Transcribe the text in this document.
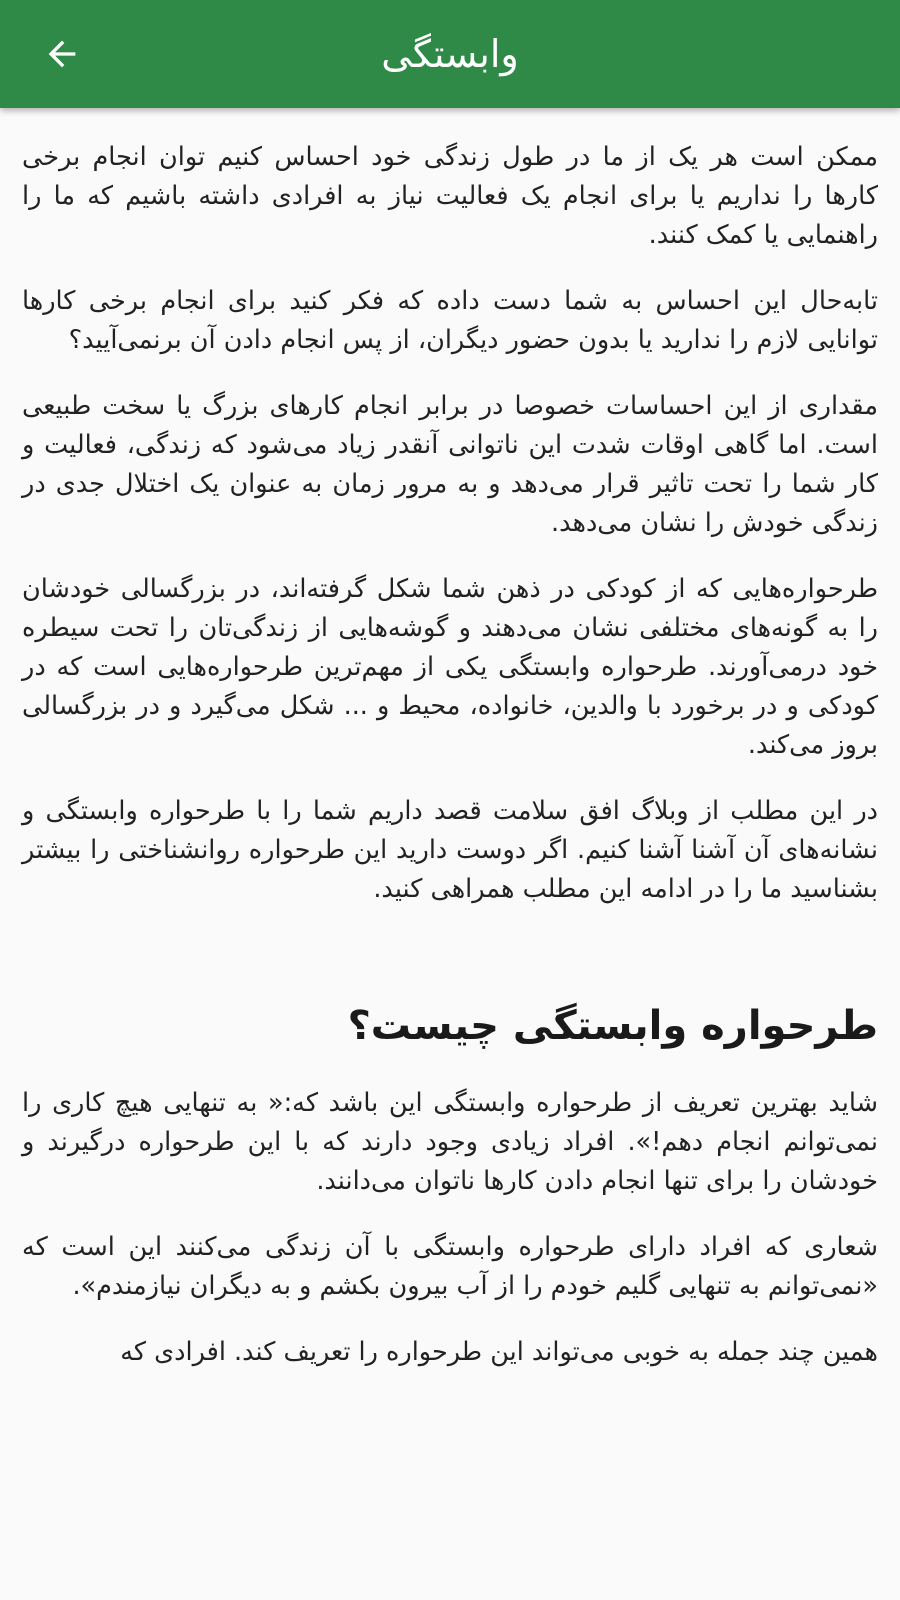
وابستگی

ممکن است هر یک از ما در طول زندگی خود احساس کنیم توان انجام برخی کارها را نداریم یا برای انجام یک فعالیت نیاز به افرادی داشته باشیم که ما را راهنمایی یا کمک کنند.

تابه‌حال این احساس به شما دست داده که فکر کنید برای انجام برخی کارها توانایی لازم را ندارید یا بدون حضور دیگران، از پس انجام دادن آن برنمی‌آیید؟

مقداری از این احساسات خصوصا در برابر انجام کارهای بزرگ یا سخت طبیعی است. اما گاهی اوقات شدت این ناتوانی آنقدر زیاد می‌شود که زندگی، فعالیت و کار شما را تحت تاثیر قرار می‌دهد و به مرور زمان به عنوان یک اختلال جدی در زندگی خودش را نشان می‌دهد.

طرحواره‌هایی که از کودکی در ذهن شما شکل گرفته‌اند، در بزرگسالی خودشان را به گونه‌های مختلفی نشان می‌دهند و گوشه‌هایی از زندگی‌تان را تحت سیطره خود درمی‌آورند. طرحواره وابستگی یکی از مهم‌ترین طرحواره‌هایی است که در کودکی و در برخورد با والدین، خانواده، محیط و ... شکل می‌گیرد و در بزرگسالی بروز می‌کند.

در این مطلب از وبلاگ افق سلامت قصد داریم شما را با طرحواره وابستگی و نشانه‌های آن آشنا آشنا کنیم. اگر دوست دارید این طرحواره روانشناختی را بیشتر بشناسید ما را در ادامه این مطلب همراهی کنید.

طرحواره وابستگی چیست؟

شاید بهترین تعریف از طرحواره وابستگی این باشد که:« به تنهایی هیچ کاری را نمی‌توانم انجام دهم!». افراد زیادی وجود دارند که با این طرحواره درگیرند و خودشان را برای تنها انجام دادن کارها ناتوان می‌دانند.

شعاری که افراد دارای طرحواره وابستگی با آن زندگی می‌کنند این است که «نمی‌توانم به تنهایی گلیم خودم را از آب بیرون بکشم و به دیگران نیازمندم».

همین چند جمله به خوبی می‌تواند این طرحواره را تعریف کند. افرادی که
